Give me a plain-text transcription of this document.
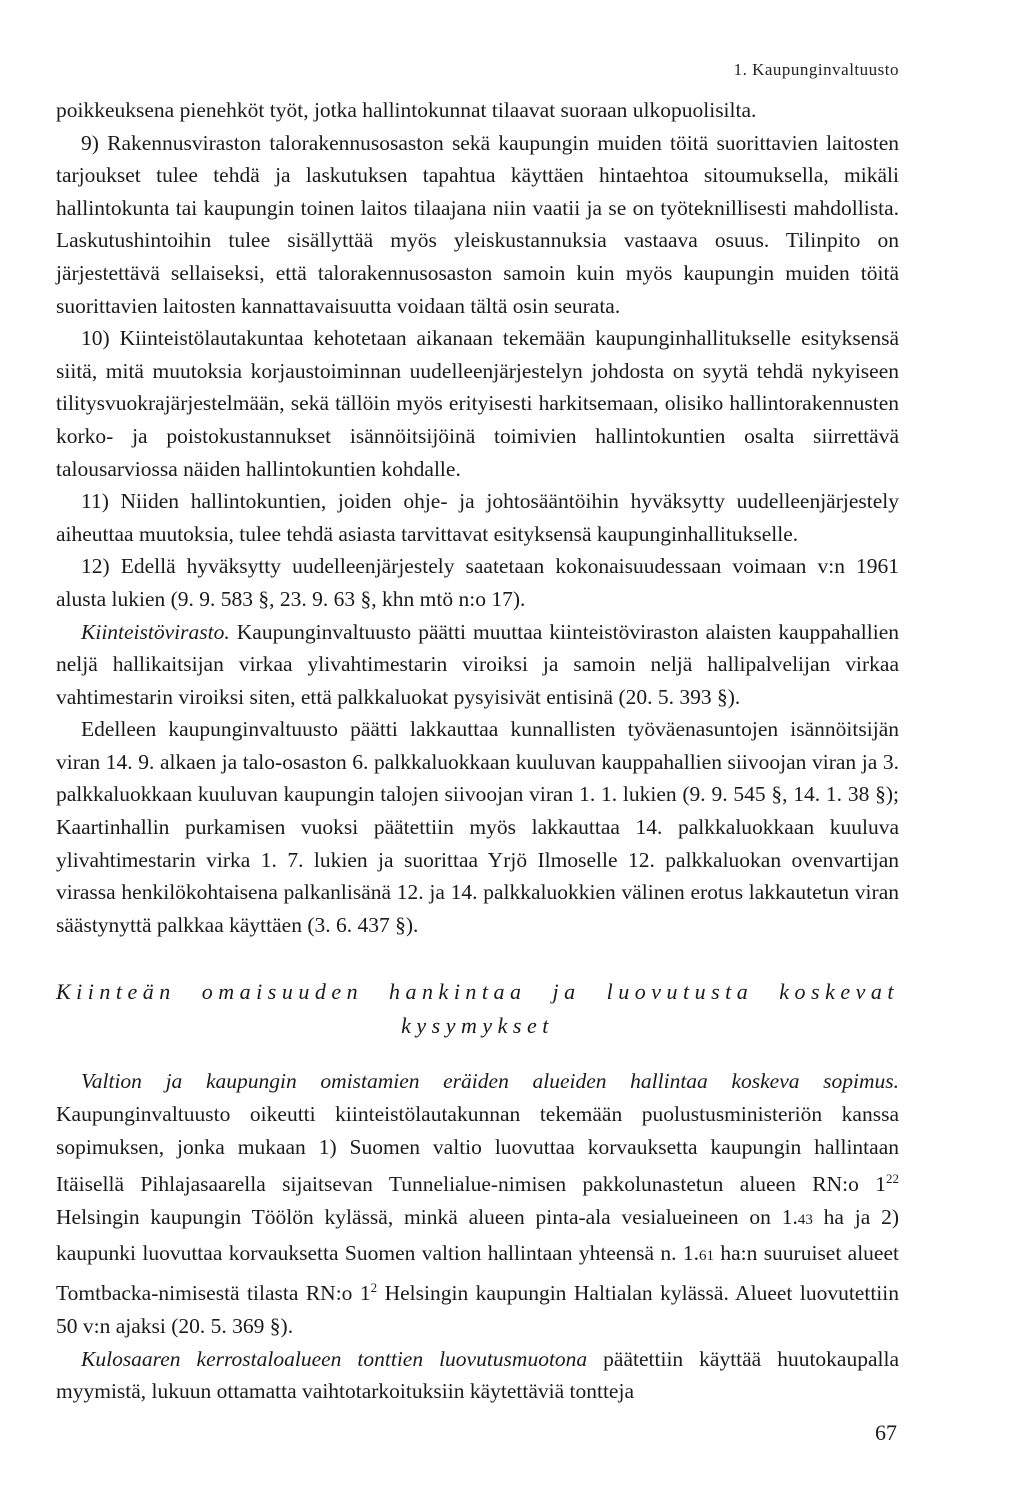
1. Kaupunginvaltuusto

poikkeuksena pienehköt työt, jotka hallintokunnat tilaavat suoraan ulkopuolisilta.

9) Rakennusviraston talorakennusosaston sekä kaupungin muiden töitä suorittavien laitosten tarjoukset tulee tehdä ja laskutuksen tapahtua käyttäen hintaehtoa sitoumuksella, mikäli hallintokunta tai kaupungin toinen laitos tilaajana niin vaatii ja se on työteknillisesti mahdollista. Laskutushintoihin tulee sisällyttää myös yleiskustannuksia vastaava osuus. Tilinpito on järjestettävä sellaiseksi, että talorakennusosaston samoin kuin myös kaupungin muiden töitä suorittavien laitosten kannattavaisuutta voidaan tältä osin seurata.

10) Kiinteistölautakuntaa kehotetaan aikanaan tekemään kaupunginhallitukselle esityksensä siitä, mitä muutoksia korjaustoiminnan uudelleenjärjestelyn johdosta on syytä tehdä nykyiseen tilitysvuokrajärjestelmään, sekä tällöin myös erityisesti harkitsemaan, olisiko hallintorakennusten korko- ja poistokustannukset isännöitsijöinä toimivien hallintokuntien osalta siirrettävä talousarviossa näiden hallintokuntien kohdalle.

11) Niiden hallintokuntien, joiden ohje- ja johtosääntöihin hyväksytty uudelleenjärjestely aiheuttaa muutoksia, tulee tehdä asiasta tarvittavat esityksensä kaupunginhallitukselle.

12) Edellä hyväksytty uudelleenjärjestely saatetaan kokonaisuudessaan voimaan v:n 1961 alusta lukien (9. 9. 583 §, 23. 9. 63 §, khn mtö n:o 17).

Kiinteistövirasto. Kaupunginvaltuusto päätti muuttaa kiinteistöviraston alaisten kauppahallien neljä hallikaitsijan virkaa ylivahtimestarin viroiksi ja samoin neljä hallipalvelijan virkaa vahtimestarin viroiksi siten, että palkkaluokat pysyisivät entisinä (20. 5. 393 §).

Edelleen kaupunginvaltuusto päätti lakkauttaa kunnallisten työväenasuntojen isännöitsijän viran 14. 9. alkaen ja talo-osaston 6. palkkaluokkaan kuuluvan kauppahallien siivoojan viran ja 3. palkkaluokkaan kuuluvan kaupungin talojen siivoojan viran 1. 1. lukien (9. 9. 545 §, 14. 1. 38 §); Kaartinhallin purkamisen vuoksi päätettiin myös lakkauttaa 14. palkkaluokkaan kuuluva ylivahtimestarin virka 1. 7. lukien ja suorittaa Yrjö Ilmoselle 12. palkkaluokan ovenvartijan virassa henkilökohtaisena palkanlisänä 12. ja 14. palkkaluokkien välinen erotus lakkautetun viran säästynyttä palkkaa käyttäen (3. 6. 437 §).

Kiinteän omaisuuden hankintaa ja luovutusta koskevat
kysymykset

Valtion ja kaupungin omistamien eräiden alueiden hallintaa koskeva sopimus. Kaupunginvaltuusto oikeutti kiinteistölautakunnan tekemään puolustusministeriön kanssa sopimuksen, jonka mukaan 1) Suomen valtio luovuttaa korvauksetta kaupungin hallintaan Itäisellä Pihlajasaarella sijaitsevan Tunnelialue-nimisen pakkolunastetun alueen RN:o $1^{22}$ Helsingin kaupungin Töölön kylässä, minkä alueen pinta-ala vesialueineen on 1.43 ha ja 2) kaupunki luovuttaa korvauksetta Suomen valtion hallintaan yhteensä n. 1.61 ha:n suuruiset alueet Tomtbacka-nimisestä tilasta RN:o $1^2$ Helsingin kaupungin Haltialan kylässä. Alueet luovutettiin 50 v:n ajaksi (20. 5. 369 §).

Kulosaaren kerrostaloalueen tonttien luovutusmuotona päätettiin käyttää huutokaupalla myymistä, lukuun ottamatta vaihtotarkoituksiin käytettäviä tontteja

67
